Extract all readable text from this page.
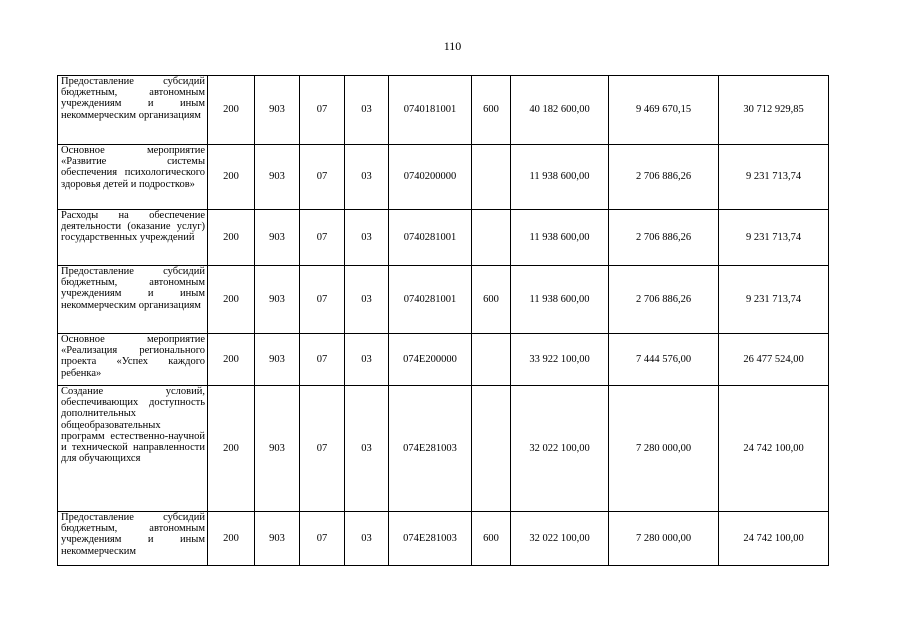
110
Предоставление субсидий бюджетным, автономным учреждениям и иным некоммерческим организациям	200	903	07	03	0740181001	600	40 182 600,00	9 469 670,15	30 712 929,85

Основное мероприятие «Развитие системы обеспечения психологического здоровья детей и подростков»	200	903	07	03	0740200000		11 938 600,00	2 706 886,26	9 231 713,74

Расходы на обеспечение деятельности (оказание услуг) государственных учреждений	200	903	07	03	0740281001		11 938 600,00	2 706 886,26	9 231 713,74

Предоставление субсидий бюджетным, автономным учреждениям и иным некоммерческим организациям	200	903	07	03	0740281001	600	11 938 600,00	2 706 886,26	9 231 713,74

Основное мероприятие «Реализация регионального проекта «Успех каждого ребенка»	200	903	07	03	074E200000		33 922 100,00	7 444 576,00	26 477 524,00

Создание условий, обеспечивающих доступность дополнительных общеобразовательных программ естественно-научной и технической направленности для обучающихся	200	903	07	03	074E281003		32 022 100,00	7 280 000,00	24 742 100,00

Предоставление субсидий бюджетным, автономным учреждениям и иным некоммерческим	200	903	07	03	074E281003	600	32 022 100,00	7 280 000,00	24 742 100,00
